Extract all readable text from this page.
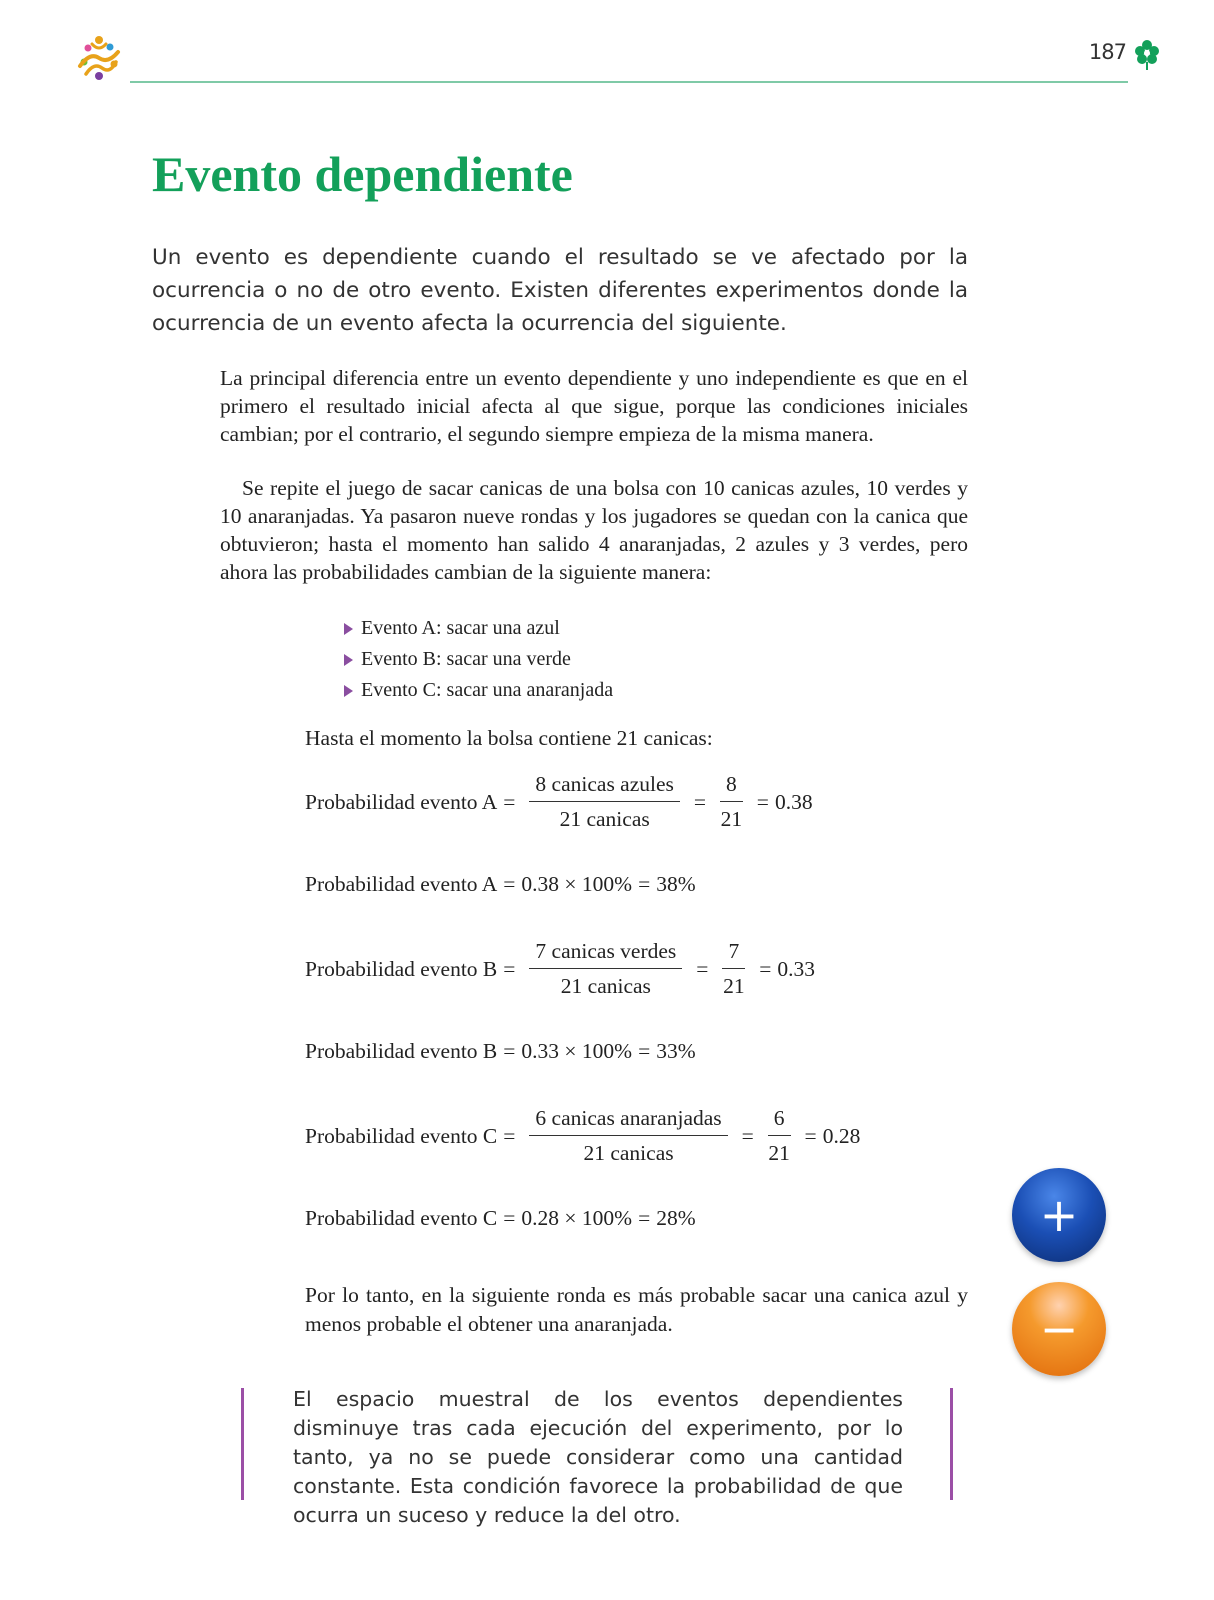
187
Evento dependiente

Un evento es dependiente cuando el resultado se ve afectado por la ocurrencia o no de otro evento. Existen diferentes experimentos donde la ocurrencia de un evento afecta la ocurrencia del siguiente.

La principal diferencia entre un evento dependiente y uno independiente es que en el primero el resultado inicial afecta al que sigue, porque las condiciones iniciales cambian; por el contrario, el segundo siempre empieza de la misma manera.

Se repite el juego de sacar canicas de una bolsa con 10 canicas azules, 10 verdes y 10 anaranjadas. Ya pasaron nueve rondas y los jugadores se quedan con la canica que obtuvieron; hasta el momento han salido 4 anaranjadas, 2 azules y 3 verdes, pero ahora las probabilidades cambian de la siguiente manera:

Evento A: sacar una azul
Evento B: sacar una verde
Evento C: sacar una anaranjada

Hasta el momento la bolsa contiene 21 canicas:

Probabilidad evento $A = \frac{\text{8 canicas azules}}{\text{21 canicas}} = \frac{8}{21} = 0.38$
Probabilidad evento A = 0.38 × 100% = 38%
Probabilidad evento $B = \frac{\text{7 canicas verdes}}{\text{21 canicas}} = \frac{7}{21} = 0.33$
Probabilidad evento B = 0.33 × 100% = 33%
Probabilidad evento $C = \frac{\text{6 canicas anaranjadas}}{\text{21 canicas}} = \frac{6}{21} = 0.28$
Probabilidad evento C = 0.28 × 100% = 28%

Por lo tanto, en la siguiente ronda es más probable sacar una canica azul y menos probable el obtener una anaranjada.

El espacio muestral de los eventos dependientes disminuye tras cada ejecución del experimento, por lo tanto, ya no se puede considerar como una cantidad constante. Esta condición favorece la probabilidad de que ocurra un suceso y reduce la del otro.

+
−
